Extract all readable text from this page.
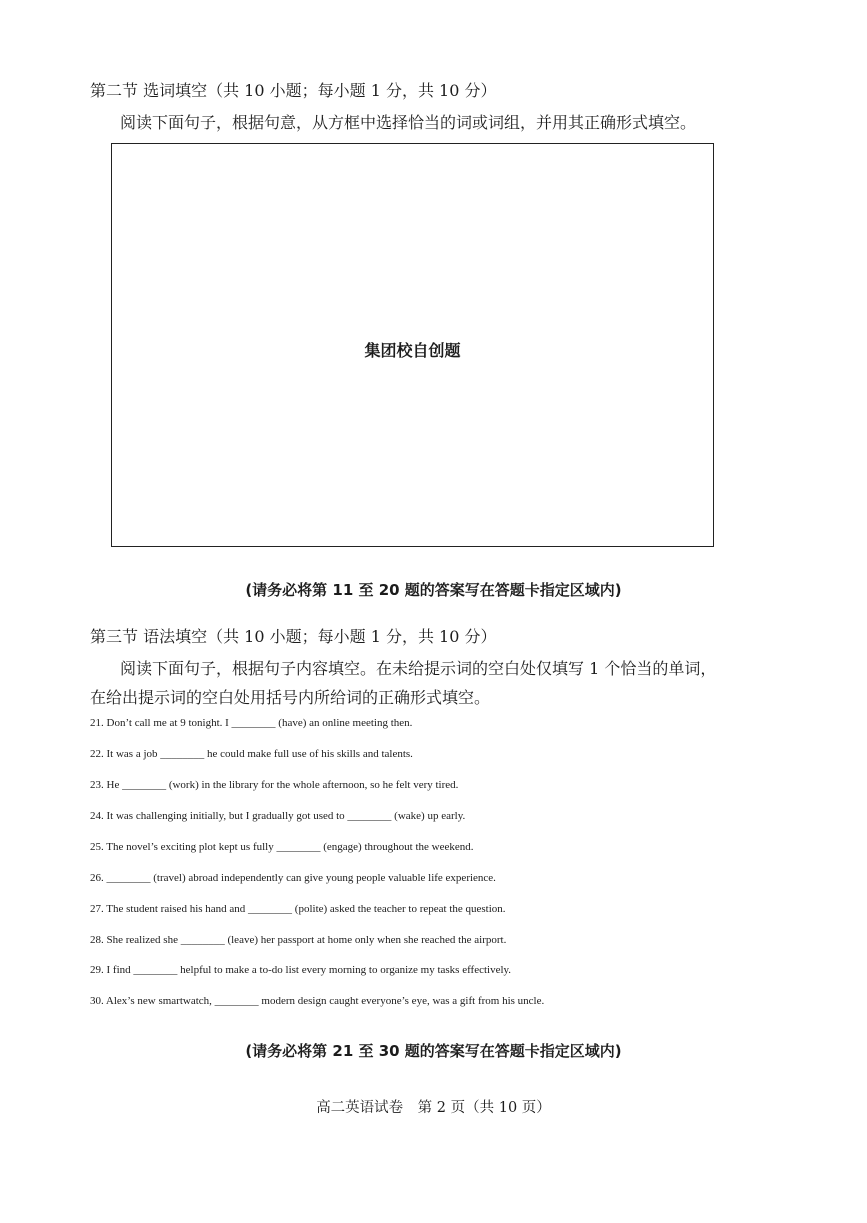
第二节 选词填空（共 10 小题；每小题 1 分，共 10 分）
阅读下面句子，根据句意，从方框中选择恰当的词或词组，并用其正确形式填空。
集团校自创题
(请务必将第 11 至 20 题的答案写在答题卡指定区域内)
第三节 语法填空（共 10 小题；每小题 1 分，共 10 分）
阅读下面句子，根据句子内容填空。在未给提示词的空白处仅填写 1 个恰当的单词，
在给出提示词的空白处用括号内所给词的正确形式填空。
21. Don’t call me at 9 tonight. I ________ (have) an online meeting then.
22. It was a job ________ he could make full use of his skills and talents.
23. He ________ (work) in the library for the whole afternoon, so he felt very tired.
24. It was challenging initially, but I gradually got used to ________ (wake) up early.
25. The novel’s exciting plot kept us fully ________ (engage) throughout the weekend.
26. ________ (travel) abroad independently can give young people valuable life experience.
27. The student raised his hand and ________ (polite) asked the teacher to repeat the question.
28. She realized she ________ (leave) her passport at home only when she reached the airport.
29. I find ________ helpful to make a to-do list every morning to organize my tasks effectively.
30. Alex’s new smartwatch, ________ modern design caught everyone’s eye, was a gift from his uncle.
(请务必将第 21 至 30 题的答案写在答题卡指定区域内)
高二英语试卷　第 2 页（共 10 页）
